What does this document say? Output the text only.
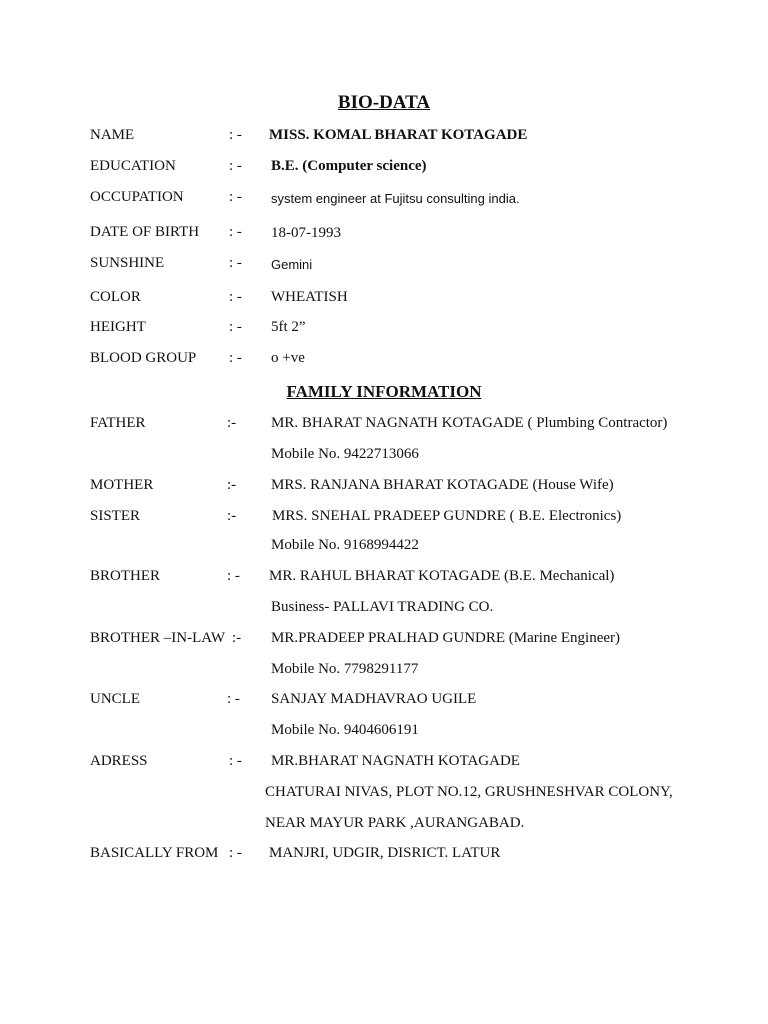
BIO-DATA
NAME	: - MISS. KOMAL BHARAT KOTAGADE
EDUCATION	: - B.E. (Computer science)
OCCUPATION	: - system engineer at Fujitsu consulting india.
DATE OF BIRTH : - 18-07-1993
SUNSHINE	: - Gemini
COLOR	: - WHEATISH
HEIGHT	: - 5ft 2”
BLOOD GROUP : - o +ve
FAMILY INFORMATION
FATHER	:- MR. BHARAT NAGNATH KOTAGADE ( Plumbing Contractor)
Mobile No. 9422713066
MOTHER	:- MRS. RANJANA BHARAT KOTAGADE (House Wife)
SISTER	:- MRS. SNEHAL PRADEEP GUNDRE ( B.E. Electronics)
Mobile No. 9168994422
BROTHER	: - MR. RAHUL BHARAT KOTAGADE (B.E. Mechanical)
Business- PALLAVI TRADING CO.
BROTHER –IN-LAW :- MR.PRADEEP PRALHAD GUNDRE (Marine Engineer)
Mobile No. 7798291177
UNCLE	: - SANJAY MADHAVRAO UGILE
Mobile No. 9404606191
ADRESS	: - MR.BHARAT NAGNATH KOTAGADE
CHATURAI NIVAS, PLOT NO.12, GRUSHNESHVAR COLONY,
NEAR MAYUR PARK ,AURANGABAD.
BASICALLY FROM : - MANJRI, UDGIR, DISRICT. LATUR
